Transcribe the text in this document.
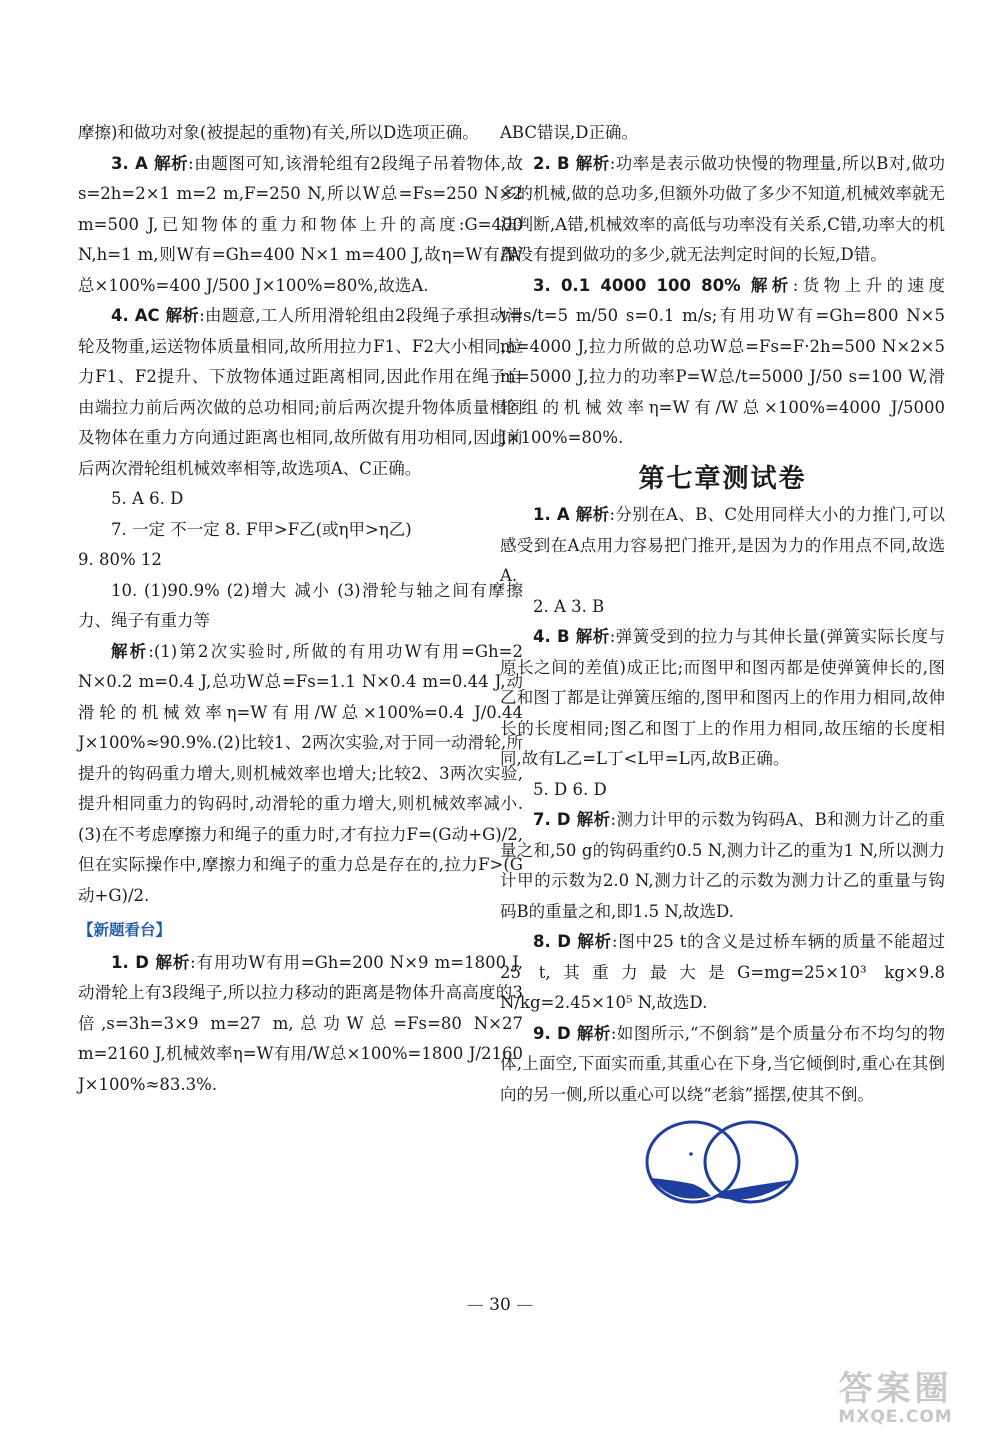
摩擦)和做功对象(被提起的重物)有关,所以D选项正确。

3. A 解析:由题图可知,该滑轮组有2段绳子吊着物体,故s=2h=2×1 m=2 m,F=250 N,所以W总=Fs=250 N×2 m=500 J,已知物体的重力和物体上升的高度:G=400 N,h=1 m,则W有=Gh=400 N×1 m=400 J,故η=W有/W总×100%=400 J/500 J×100%=80%,故选A.

4. AC 解析:由题意,工人所用滑轮组由2段绳子承担动滑轮及物重,运送物体质量相同,故所用拉力F1、F2大小相同,拉力F1、F2提升、下放物体通过距离相同,因此作用在绳子自由端拉力前后两次做的总功相同;前后两次提升物体质量相同及物体在重力方向通过距离也相同,故所做有用功相同,因此前后两次滑轮组机械效率相等,故选项A、C正确。

5. A 6. D

7. 一定 不一定 8. F甲>F乙(或η甲>η乙)

9. 80% 12

10. (1)90.9% (2)增大 减小 (3)滑轮与轴之间有摩擦力、绳子有重力等

解析:(1)第2次实验时,所做的有用功W有用=Gh=2 N×0.2 m=0.4 J,总功W总=Fs=1.1 N×0.4 m=0.44 J,动滑轮的机械效率η=W有用/W总×100%=0.4 J/0.44 J×100%≈90.9%.(2)比较1、2两次实验,对于同一动滑轮,所提升的钩码重力增大,则机械效率也增大;比较2、3两次实验,提升相同重力的钩码时,动滑轮的重力增大,则机械效率减小.(3)在不考虑摩擦力和绳子的重力时,才有拉力F=(G动+G)/2,但在实际操作中,摩擦力和绳子的重力总是存在的,拉力F>(G动+G)/2.

【新题看台】

1. D 解析:有用功W有用=Gh=200 N×9 m=1800 J,动滑轮上有3段绳子,所以拉力移动的距离是物体升高高度的3倍,s=3h=3×9 m=27 m,总功W总=Fs=80 N×27 m=2160 J,机械效率η=W有用/W总×100%=1800 J/2160 J×100%≈83.3%.

ABC错误,D正确。

2. B 解析:功率是表示做功快慢的物理量,所以B对,做功多的机械,做的总功多,但额外功做了多少不知道,机械效率就无法判断,A错,机械效率的高低与功率没有关系,C错,功率大的机器没有提到做功的多少,就无法判定时间的长短,D错。

3. 0.1 4000 100 80% 解析:货物上升的速度v=s/t=5 m/50 s=0.1 m/s;有用功W有=Gh=800 N×5 m=4000 J,拉力所做的总功W总=Fs=F·2h=500 N×2×5 m=5000 J,拉力的功率P=W总/t=5000 J/50 s=100 W,滑轮组的机械效率η=W有/W总×100%=4000 J/5000 J×100%=80%.

第七章测试卷

1. A 解析:分别在A、B、C处用同样大小的力推门,可以感受到在A点用力容易把门推开,是因为力的作用点不同,故选A.

2. A 3. B

4. B 解析:弹簧受到的拉力与其伸长量(弹簧实际长度与原长之间的差值)成正比;而图甲和图丙都是使弹簧伸长的,图乙和图丁都是让弹簧压缩的,图甲和图丙上的作用力相同,故伸长的长度相同;图乙和图丁上的作用力相同,故压缩的长度相同,故有L乙=L丁<L甲=L丙,故B正确。

5. D 6. D

7. D 解析:测力计甲的示数为钩码A、B和测力计乙的重量之和,50 g的钩码重约0.5 N,测力计乙的重为1 N,所以测力计甲的示数为2.0 N,测力计乙的示数为测力计乙的重量与钩码B的重量之和,即1.5 N,故选D.

8. D 解析:图中25 t的含义是过桥车辆的质量不能超过25 t,其重力最大是G=mg=25×10³ kg×9.8 N/kg=2.45×10⁵ N,故选D.

9. D 解析:如图所示,“不倒翁”是个质量分布不均匀的物体,上面空,下面实而重,其重心在下身,当它倾倒时,重心在其倒向的另一侧,所以重心可以绕“老翁”摇摆,使其不倒。

— 30 —
答案圈
MXQE.COM
